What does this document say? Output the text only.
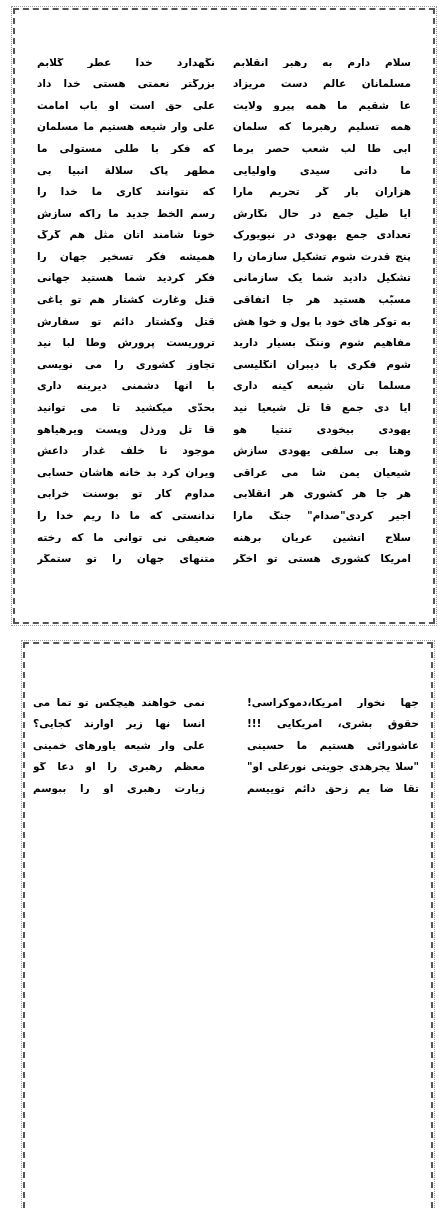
سلام دارم به رهبر انقلابم
نگهدارد خدا عطر گلابم
مسلمانان عالم دست مریزاد
بزرگتر نعمتی هستی خدا داد
عا شقیم ما همه پیرو ولایت
علی حق است او باب امامت
همه تسلیم رهبرما که سلمان
علی وار شیعه هستیم ما مسلمان
ابی طا لب شعب حصر برما
که فکر با طلی مستولی ما
ما داتی سیدی واولیایی
مطهر پاک سلالة انبیا بی
هزاران بار گر تحریم مارا
که نتوانند کاری ما خدا را
ایا طیل جمع در حال نگارش
رسم الخط جدید ما راکه سازش
تعدادی جمع یهودی در نیویورک
خونا شامند اتان مثل هم گرگ
پنج قدرت شوم تشکیل سازمان را
همیشه فکر تسخیر جهان را
تشکیل دادید شما یک سازمانی
فکر کردید شما هستید جهانی
مسبّب هستید هر جا اتفاقی
قتل وغارت کشتار هم تو یاغی
به توکر های خود با پول و خوا هش
قتل وکشتار دائم تو سفارش
مفاهیم شوم وننگ بسیار دارید
تروریست پرورش وطا لبا نید
شوم فکری با دیبران انگلیسی
تجاوز کشوری را می نویسی
مسلما تان شیعه کینه داری
با آنها دشمنی دیرینه داری
ایا دی جمع قا تل شیعیا نید
بحدّی میکشید تا می توانید
یهودی بیخودی تنتیا هو
قا تل ورذل وپست ویرهیاهو
وهتا بی سلفی یهودی سازش
موجود نا خلف غدار داعش
شیعیان یمن شا می عراقی
ویران کرد بد خانه هاشان حسابی
هر جا هر کشوری هر انقلابی
مداوم کار تو بوسنت خرابی
اجیر کردی"صدام" جنگ مارا
ندانستی که ما دا ریم خدا را
سلاح آتشین عریان برهنه
ضعیفی نی توانی ما که رخته
امریکا کشوری هستی تو اخگر
متنهای جهان را تو ستمگر
جها نخوار امریکا،دموکراسی!
نمی خواهند هیچکس تو تما می
حقوق بشری، امریکایی !!!
انسا نها زیر آوارند کجایی؟
عاشورائی هستیم ما حسینی
علی وار شیعه یاورهای خمینی
"سلا یجرهدی جویتی نورعلی او"
معظم رهبری را او دعا گو
تقا ضا یم زحق دائم توییسم
زیارت رهبری او را ببوسم
